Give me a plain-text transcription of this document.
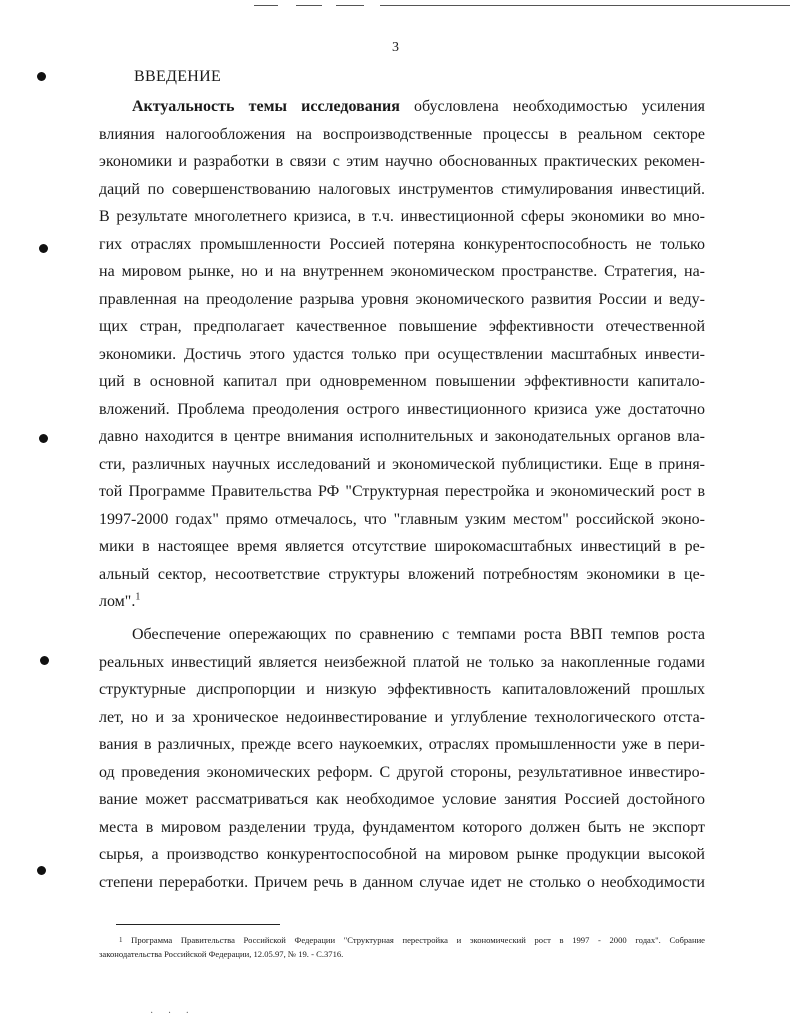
3
ВВЕДЕНИЕ
Актуальность темы исследования обусловлена необходимостью усиления
влияния налогообложения на воспроизводственные процессы в реальном секторе
экономики и разработки в связи с этим научно обоснованных практических рекомен-
даций по совершенствованию налоговых инструментов стимулирования инвестиций.
В результате многолетнего кризиса, в т.ч. инвестиционной сферы экономики во мно-
гих отраслях промышленности Россией потеряна конкурентоспособность не только
на мировом рынке, но и на внутреннем экономическом пространстве. Стратегия, на-
правленная на преодоление разрыва уровня экономического развития России и веду-
щих стран, предполагает качественное повышение эффективности отечественной
экономики. Достичь этого удастся только при осуществлении масштабных инвести-
ций в основной капитал при одновременном повышении эффективности капитало-
вложений. Проблема преодоления острого инвестиционного кризиса уже достаточно
давно находится в центре внимания исполнительных и законодательных органов вла-
сти, различных научных исследований и экономической публицистики. Еще в приня-
той Программе Правительства РФ "Структурная перестройка и экономический рост в
1997-2000 годах" прямо отмечалось, что "главным узким местом" российской эконо-
мики в настоящее время является отсутствие широкомасштабных инвестиций в ре-
альный сектор, несоответствие структуры вложений потребностям экономики в це-
лом".$^1$
Обеспечение опережающих по сравнению с темпами роста ВВП темпов роста
реальных инвестиций является неизбежной платой не только за накопленные годами
структурные диспропорции и низкую эффективность капиталовложений прошлых
лет, но и за хроническое недоинвестирование и углубление технологического отста-
вания в различных, прежде всего наукоемких, отраслях промышленности уже в пери-
од проведения экономических реформ. С другой стороны, результативное инвестиро-
вание может рассматриваться как необходимое условие занятия Россией достойного
места в мировом разделении труда, фундаментом которого должен быть не экспорт
сырья, а производство конкурентоспособной на мировом рынке продукции высокой
степени переработки. Причем речь в данном случае идет не столько о необходимости
$^1$ Программа Правительства Российской Федерации "Структурная перестройка и экономический рост в 1997 - 2000 годах". Собрание
законодательства Российской Федерации, 12.05.97, № 19. - С.3716.
· · ·
